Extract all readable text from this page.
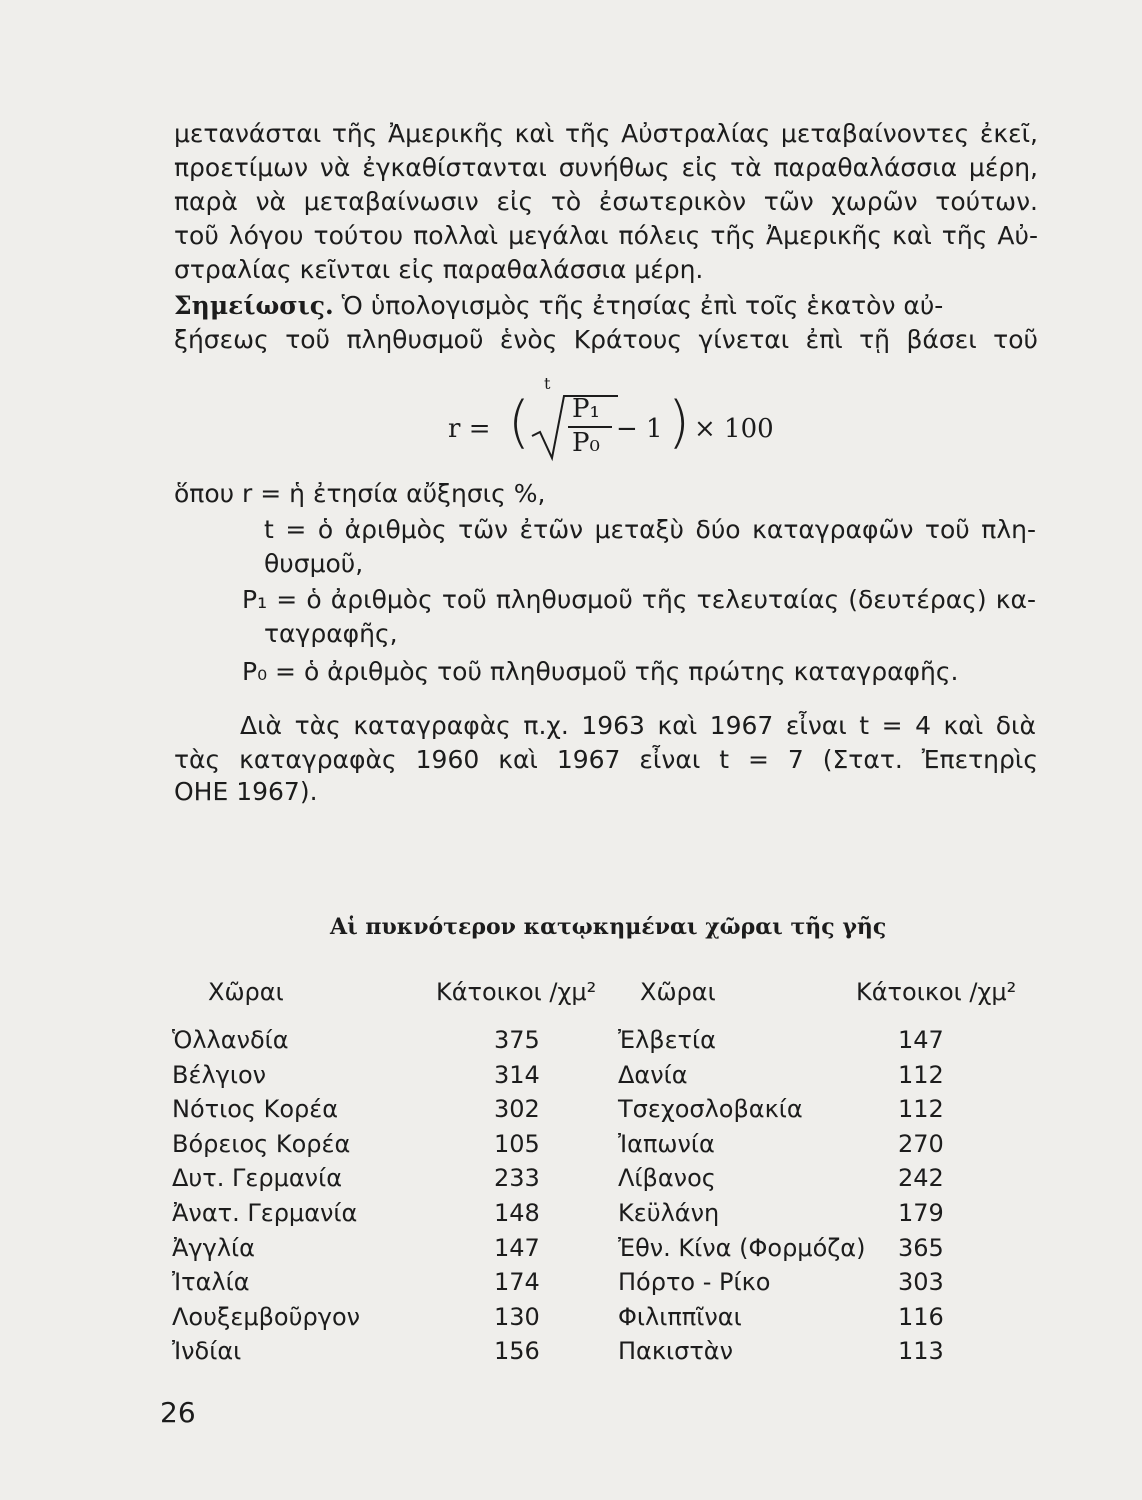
μετανάσται τῆς Ἀμερικῆς καὶ τῆς Αὐστραλίας μεταβαίνοντες ἐκεῖ,
προετίμων νὰ ἐγκαθίστανται συνήθως εἰς τὰ παραθαλάσσια μέρη,
παρὰ νὰ μεταβαίνωσιν εἰς τὸ ἐσωτερικὸν τῶν χωρῶν τούτων.
τοῦ λόγου τούτου πολλαὶ μεγάλαι πόλεις τῆς Ἀμερικῆς καὶ τῆς Αὐ-
στραλίας κεῖνται εἰς παραθαλάσσια μέρη.
Σημείωσις. Ὁ ὑπολογισμὸς τῆς ἐτησίας ἐπὶ τοῖς ἑκατὸν αὐ-
ξήσεως τοῦ πληθυσμοῦ ἑνὸς Κράτους γίνεται ἐπὶ τῇ βάσει τοῦ
r = (
t
P₁
P₀ − 1 ) × 100
ὅπου r = ἡ ἐτησία αὔξησις %,
t = ὁ ἀριθμὸς τῶν ἐτῶν μεταξὺ δύο καταγραφῶν τοῦ πλη-
θυσμοῦ,
P₁ = ὁ ἀριθμὸς τοῦ πληθυσμοῦ τῆς τελευταίας (δευτέρας) κα-
ταγραφῆς,
P₀ = ὁ ἀριθμὸς τοῦ πληθυσμοῦ τῆς πρώτης καταγραφῆς.
Διὰ τὰς καταγραφὰς π.χ. 1963 καὶ 1967 εἶναι t = 4 καὶ διὰ
τὰς καταγραφὰς 1960 καὶ 1967 εἶναι t = 7 (Στατ. Ἐπετηρὶς
ΟΗΕ 1967).
Αἱ πυκνότερον κατῳκημέναι χῶραι τῆς γῆς
Χῶραι	Κάτοικοι /χμ² Χῶραι	Κάτοικοι /χμ²
Ὁλλανδία	375	Ἐλβετία	147
Βέλγιον	314	Δανία	112
Νότιος Κορέα	302	Τσεχοσλοβακία	112
Βόρειος Κορέα	105	Ἰαπωνία	270
Δυτ. Γερμανία	233	Λίβανος	242
Ἀνατ. Γερμανία	148	Κεϋλάνη	179
Ἀγγλία	147	Ἐθν. Κίνα (Φορμόζα) 365
Ἰταλία	174	Πόρτο - Ρίκο	303
Λουξεμβοῦργον	130	Φιλιππῖναι	116
Ἰνδίαι	156	Πακιστὰν	113
26
